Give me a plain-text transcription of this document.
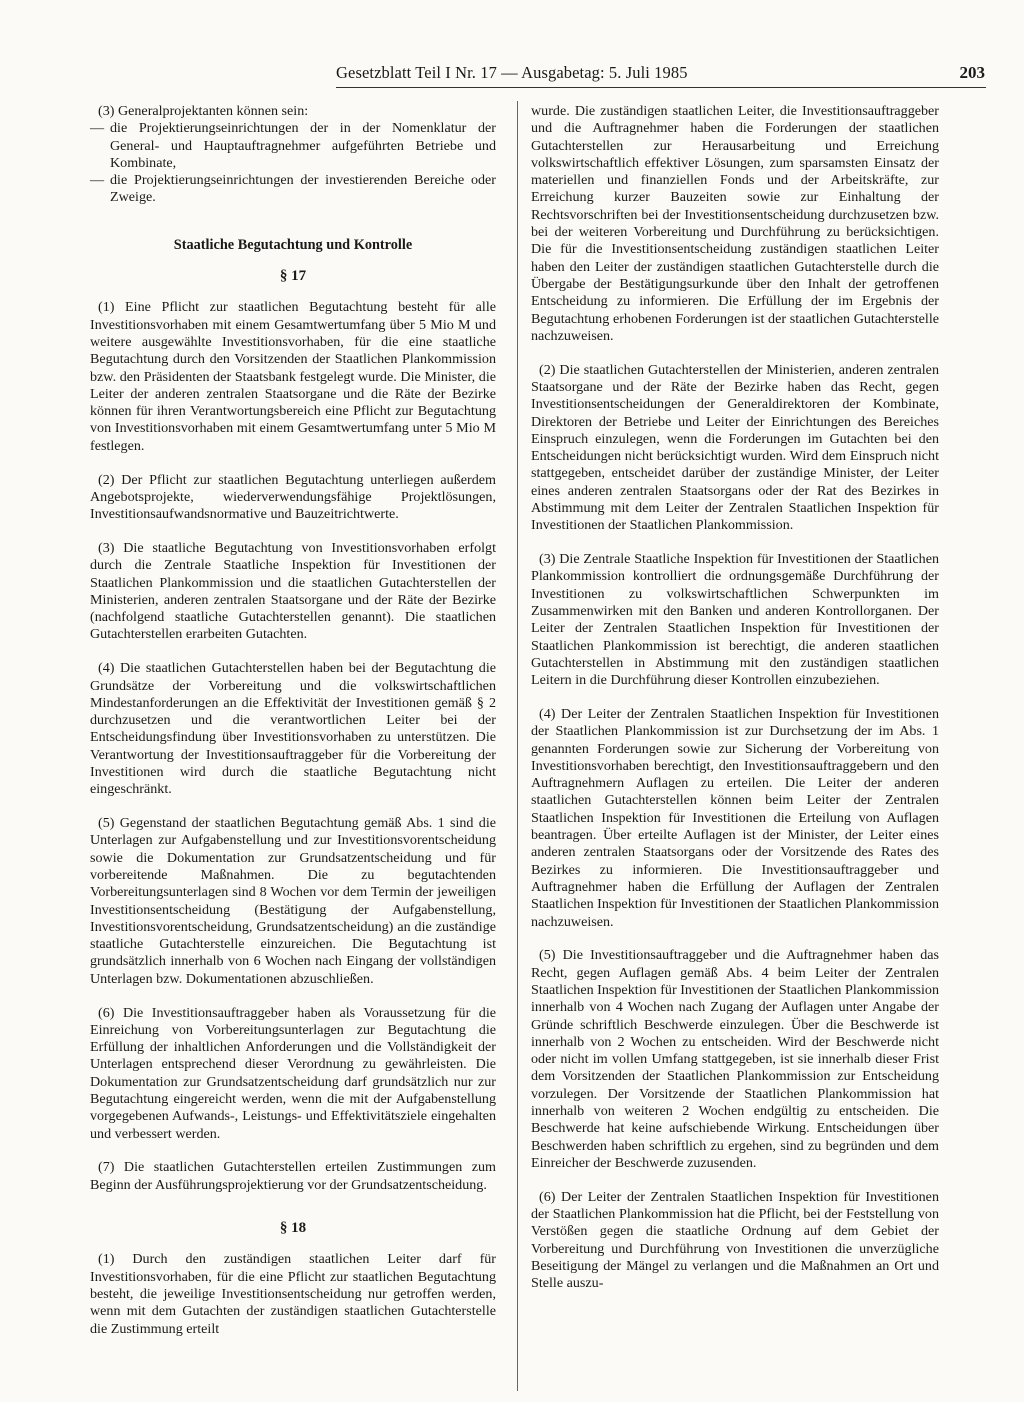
Gesetzblatt Teil I Nr. 17 — Ausgabetag: 5. Juli 1985	203

(3) Generalprojektanten können sein:

— die Projektierungseinrichtungen der in der Nomenklatur der General- und Hauptauftragnehmer aufgeführten Betriebe und Kombinate,

— die Projektierungseinrichtungen der investierenden Bereiche oder Zweige.

Staatliche Begutachtung und Kontrolle
§ 17

(1) Eine Pflicht zur staatlichen Begutachtung besteht für alle Investitionsvorhaben mit einem Gesamtwertumfang über 5 Mio M und weitere ausgewählte Investitionsvorhaben, für die eine staatliche Begutachtung durch den Vorsitzenden der Staatlichen Plankommission bzw. den Präsidenten der Staatsbank festgelegt wurde. Die Minister, die Leiter der anderen zentralen Staatsorgane und die Räte der Bezirke können für ihren Verantwortungsbereich eine Pflicht zur Begutachtung von Investitionsvorhaben mit einem Gesamtwertumfang unter 5 Mio M festlegen.

(2) Der Pflicht zur staatlichen Begutachtung unterliegen außerdem Angebotsprojekte, wiederverwendungsfähige Projektlösungen, Investitionsaufwandsnormative und Bauzeitrichtwerte.

(3) Die staatliche Begutachtung von Investitionsvorhaben erfolgt durch die Zentrale Staatliche Inspektion für Investitionen der Staatlichen Plankommission und die staatlichen Gutachterstellen der Ministerien, anderen zentralen Staatsorgane und der Räte der Bezirke (nachfolgend staatliche Gutachterstellen genannt). Die staatlichen Gutachterstellen erarbeiten Gutachten.

(4) Die staatlichen Gutachterstellen haben bei der Begutachtung die Grundsätze der Vorbereitung und die volkswirtschaftlichen Mindestanforderungen an die Effektivität der Investitionen gemäß § 2 durchzusetzen und die verantwortlichen Leiter bei der Entscheidungsfindung über Investitionsvorhaben zu unterstützen. Die Verantwortung der Investitionsauftraggeber für die Vorbereitung der Investitionen wird durch die staatliche Begutachtung nicht eingeschränkt.

(5) Gegenstand der staatlichen Begutachtung gemäß Abs. 1 sind die Unterlagen zur Aufgabenstellung und zur Investitionsvorentscheidung sowie die Dokumentation zur Grundsatzentscheidung und für vorbereitende Maßnahmen. Die zu begutachtenden Vorbereitungsunterlagen sind 8 Wochen vor dem Termin der jeweiligen Investitionsentscheidung (Bestätigung der Aufgabenstellung, Investitionsvorentscheidung, Grundsatzentscheidung) an die zuständige staatliche Gutachterstelle einzureichen. Die Begutachtung ist grundsätzlich innerhalb von 6 Wochen nach Eingang der vollständigen Unterlagen bzw. Dokumentationen abzuschließen.

(6) Die Investitionsauftraggeber haben als Voraussetzung für die Einreichung von Vorbereitungsunterlagen zur Begutachtung die Erfüllung der inhaltlichen Anforderungen und die Vollständigkeit der Unterlagen entsprechend dieser Verordnung zu gewährleisten. Die Dokumentation zur Grundsatzentscheidung darf grundsätzlich nur zur Begutachtung eingereicht werden, wenn die mit der Aufgabenstellung vorgegebenen Aufwands-, Leistungs- und Effektivitätsziele eingehalten und verbessert werden.

(7) Die staatlichen Gutachterstellen erteilen Zustimmungen zum Beginn der Ausführungsprojektierung vor der Grundsatzentscheidung.

§ 18

(1) Durch den zuständigen staatlichen Leiter darf für Investitionsvorhaben, für die eine Pflicht zur staatlichen Begutachtung besteht, die jeweilige Investitionsentscheidung nur getroffen werden, wenn mit dem Gutachten der zuständigen staatlichen Gutachterstelle die Zustimmung erteilt

wurde. Die zuständigen staatlichen Leiter, die Investitionsauftraggeber und die Auftragnehmer haben die Forderungen der staatlichen Gutachterstellen zur Herausarbeitung und Erreichung volkswirtschaftlich effektiver Lösungen, zum sparsamsten Einsatz der materiellen und finanziellen Fonds und der Arbeitskräfte, zur Erreichung kurzer Bauzeiten sowie zur Einhaltung der Rechtsvorschriften bei der Investitionsentscheidung durchzusetzen bzw. bei der weiteren Vorbereitung und Durchführung zu berücksichtigen. Die für die Investitionsentscheidung zuständigen staatlichen Leiter haben den Leiter der zuständigen staatlichen Gutachterstelle durch die Übergabe der Bestätigungsurkunde über den Inhalt der getroffenen Entscheidung zu informieren. Die Erfüllung der im Ergebnis der Begutachtung erhobenen Forderungen ist der staatlichen Gutachterstelle nachzuweisen.

(2) Die staatlichen Gutachterstellen der Ministerien, anderen zentralen Staatsorgane und der Räte der Bezirke haben das Recht, gegen Investitionsentscheidungen der Generaldirektoren der Kombinate, Direktoren der Betriebe und Leiter der Einrichtungen des Bereiches Einspruch einzulegen, wenn die Forderungen im Gutachten bei den Entscheidungen nicht berücksichtigt wurden. Wird dem Einspruch nicht stattgegeben, entscheidet darüber der zuständige Minister, der Leiter eines anderen zentralen Staatsorgans oder der Rat des Bezirkes in Abstimmung mit dem Leiter der Zentralen Staatlichen Inspektion für Investitionen der Staatlichen Plankommission.

(3) Die Zentrale Staatliche Inspektion für Investitionen der Staatlichen Plankommission kontrolliert die ordnungsgemäße Durchführung der Investitionen zu volkswirtschaftlichen Schwerpunkten im Zusammenwirken mit den Banken und anderen Kontrollorganen. Der Leiter der Zentralen Staatlichen Inspektion für Investitionen der Staatlichen Plankommission ist berechtigt, die anderen staatlichen Gutachterstellen in Abstimmung mit den zuständigen staatlichen Leitern in die Durchführung dieser Kontrollen einzubeziehen.

(4) Der Leiter der Zentralen Staatlichen Inspektion für Investitionen der Staatlichen Plankommission ist zur Durchsetzung der im Abs. 1 genannten Forderungen sowie zur Sicherung der Vorbereitung von Investitionsvorhaben berechtigt, den Investitionsauftraggebern und den Auftragnehmern Auflagen zu erteilen. Die Leiter der anderen staatlichen Gutachterstellen können beim Leiter der Zentralen Staatlichen Inspektion für Investitionen die Erteilung von Auflagen beantragen. Über erteilte Auflagen ist der Minister, der Leiter eines anderen zentralen Staatsorgans oder der Vorsitzende des Rates des Bezirkes zu informieren. Die Investitionsauftraggeber und Auftragnehmer haben die Erfüllung der Auflagen der Zentralen Staatlichen Inspektion für Investitionen der Staatlichen Plankommission nachzuweisen.

(5) Die Investitionsauftraggeber und die Auftragnehmer haben das Recht, gegen Auflagen gemäß Abs. 4 beim Leiter der Zentralen Staatlichen Inspektion für Investitionen der Staatlichen Plankommission innerhalb von 4 Wochen nach Zugang der Auflagen unter Angabe der Gründe schriftlich Beschwerde einzulegen. Über die Beschwerde ist innerhalb von 2 Wochen zu entscheiden. Wird der Beschwerde nicht oder nicht im vollen Umfang stattgegeben, ist sie innerhalb dieser Frist dem Vorsitzenden der Staatlichen Plankommission zur Entscheidung vorzulegen. Der Vorsitzende der Staatlichen Plankommission hat innerhalb von weiteren 2 Wochen endgültig zu entscheiden. Die Beschwerde hat keine aufschiebende Wirkung. Entscheidungen über Beschwerden haben schriftlich zu ergehen, sind zu begründen und dem Einreicher der Beschwerde zuzusenden.

(6) Der Leiter der Zentralen Staatlichen Inspektion für Investitionen der Staatlichen Plankommission hat die Pflicht, bei der Feststellung von Verstößen gegen die staatliche Ordnung auf dem Gebiet der Vorbereitung und Durchführung von Investitionen die unverzügliche Beseitigung der Mängel zu verlangen und die Maßnahmen an Ort und Stelle auszu-
